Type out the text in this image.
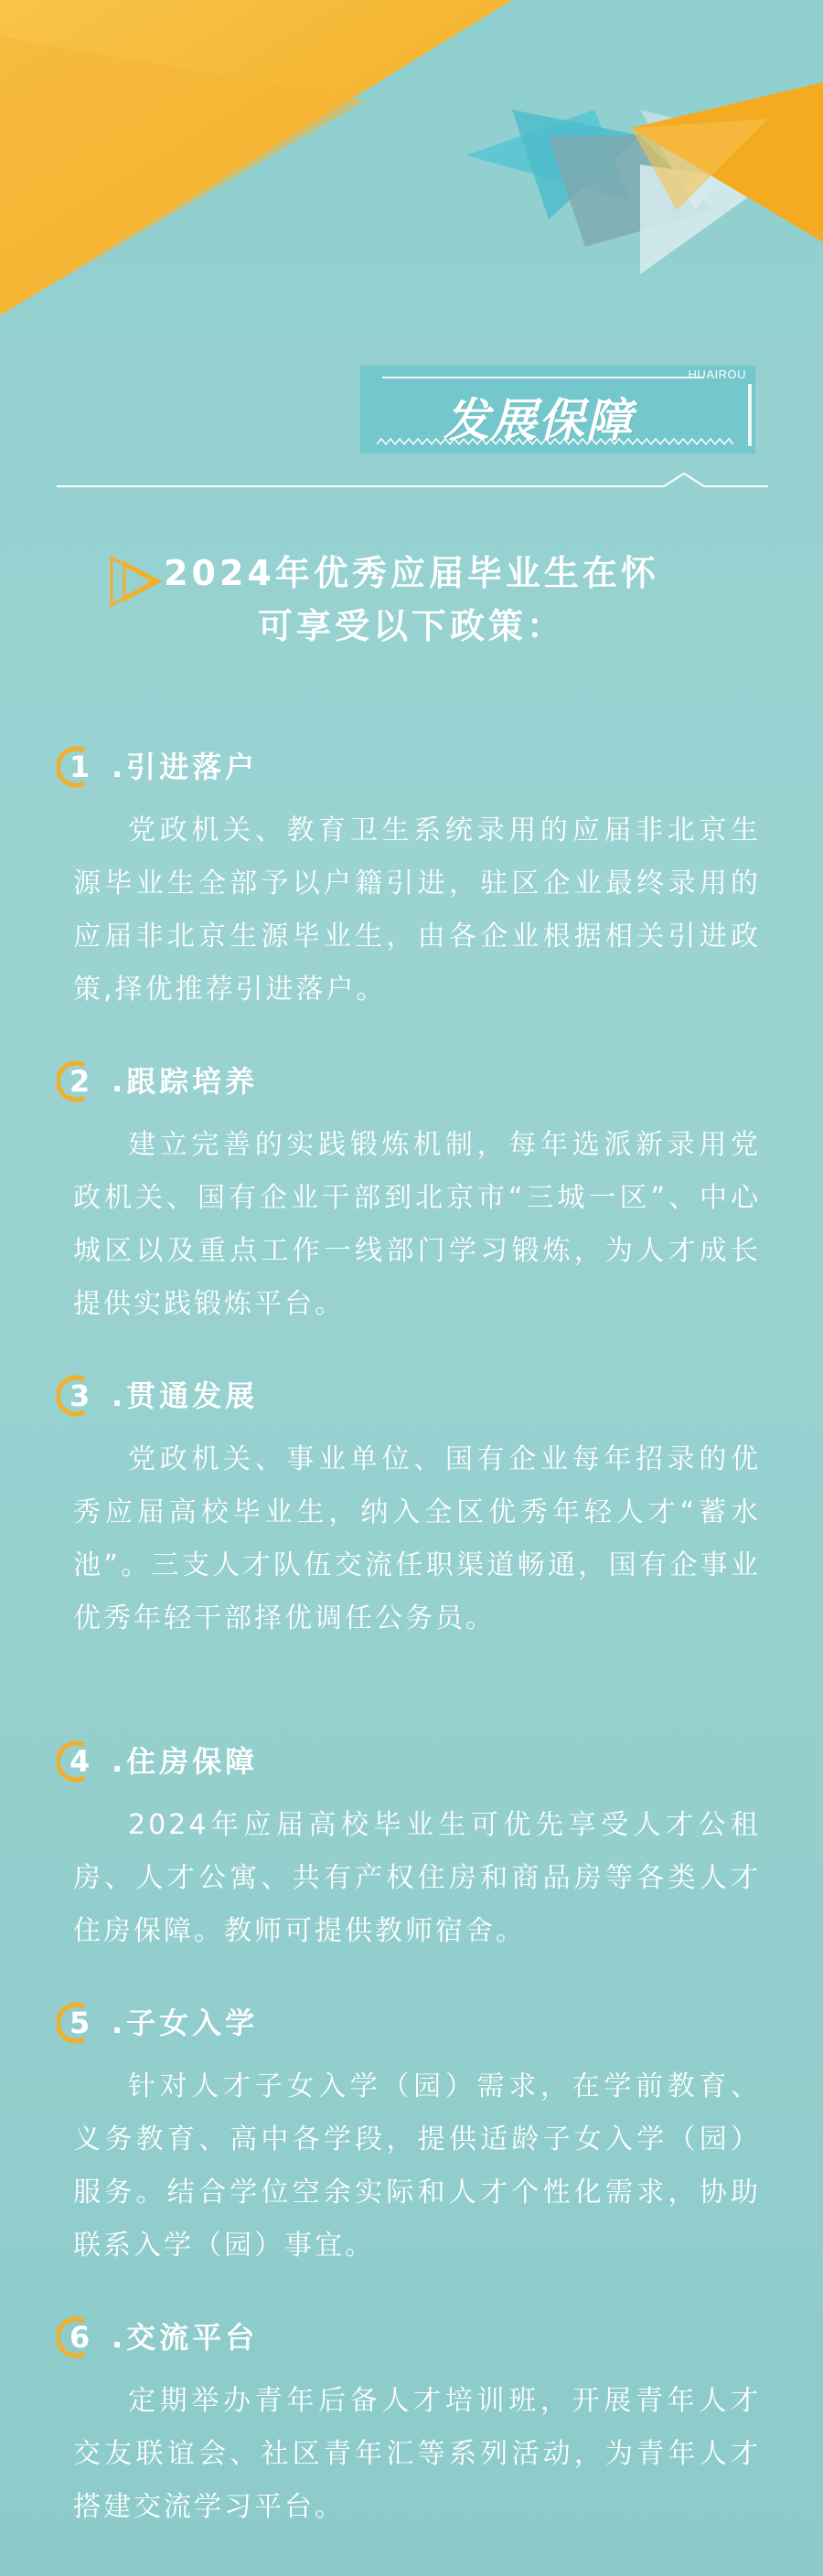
HUAIROU
发展保障
2024年优秀应届毕业生在怀
可享受以下政策：
1 .引进落户
党政机关、教育卫生系统录用的应届非北京生源毕业生全部予以户籍引进，驻区企业最终录用的应届非北京生源毕业生，由各企业根据相关引进政策,择优推荐引进落户。
2 .跟踪培养
建立完善的实践锻炼机制，每年选派新录用党政机关、国有企业干部到北京市“三城一区”、中心城区以及重点工作一线部门学习锻炼，为人才成长提供实践锻炼平台。
3 .贯通发展
党政机关、事业单位、国有企业每年招录的优秀应届高校毕业生，纳入全区优秀年轻人才“蓄水池”。三支人才队伍交流任职渠道畅通，国有企事业优秀年轻干部择优调任公务员。
4 .住房保障
2024年应届高校毕业生可优先享受人才公租房、人才公寓、共有产权住房和商品房等各类人才住房保障。教师可提供教师宿舍。
5 .子女入学
针对人才子女入学（园）需求，在学前教育、义务教育、高中各学段，提供适龄子女入学（园）服务。结合学位空余实际和人才个性化需求，协助联系入学（园）事宜。
6 .交流平台
定期举办青年后备人才培训班，开展青年人才交友联谊会、社区青年汇等系列活动，为青年人才搭建交流学习平台。
